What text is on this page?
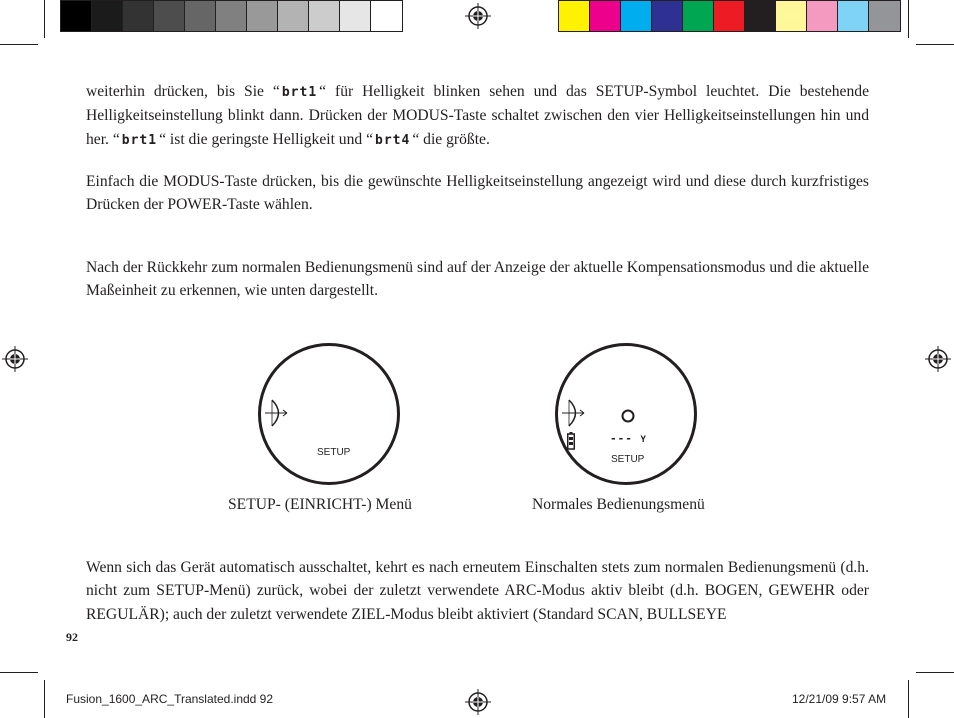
weiterhin drücken, bis Sie “ brt1 “ für Helligkeit blinken sehen und das SETUP-Symbol leuchtet. Die bestehende Helligkeitseinstellung blinkt dann. Drücken der MODUS-Taste schaltet zwischen den vier Helligkeitseinstellungen hin und her. “ brt1 “ ist die geringste Helligkeit und “ brt4 “ die größte.
Einfach die MODUS-Taste drücken, bis die gewünschte Helligkeitseinstellung angezeigt wird und diese durch kurzfristiges Drücken der POWER-Taste wählen.
Nach der Rückkehr zum normalen Bedienungsmenü sind auf der Anzeige der aktuelle Kompensationsmodus und die aktuelle Maßeinheit zu erkennen, wie unten dargestellt.
SETUP
SETUP- (EINRICHT-) Menü
--- Y
SETUP
Normales Bedienungsmenü
Wenn sich das Gerät automatisch ausschaltet, kehrt es nach erneutem Einschalten stets zum normalen Bedienungsmenü (d.h. nicht zum SETUP-Menü) zurück, wobei der zuletzt verwendete ARC-Modus aktiv bleibt (d.h. BOGEN, GEWEHR oder REGULÄR); auch der zuletzt verwendete ZIEL-Modus bleibt aktiviert (Standard SCAN, BULLSEYE
92
Fusion_1600_ARC_Translated.indd 92	12/21/09 9:57 AM
